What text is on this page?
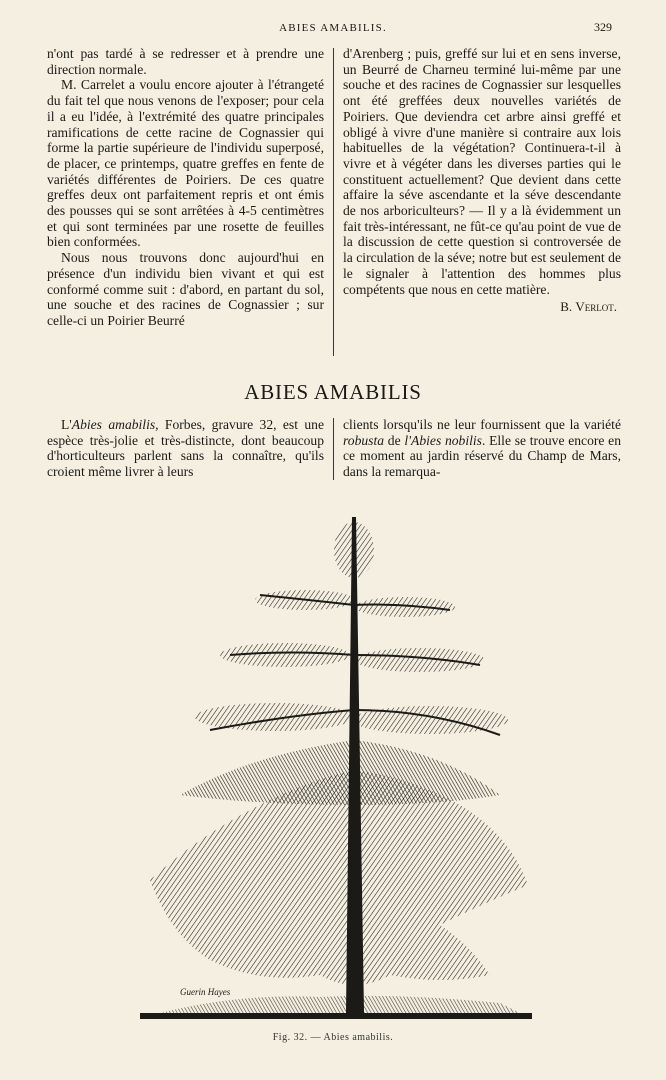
ABIES AMABILIS.	329

n'ont pas tardé à se redresser et à prendre une direction normale.

M. Carrelet a voulu encore ajouter à l'étrangeté du fait tel que nous venons de l'exposer; pour cela il a eu l'idée, à l'extrémité des quatre principales ramifications de cette racine de Cognassier qui forme la partie supérieure de l'individu superposé, de placer, ce printemps, quatre greffes en fente de variétés différentes de Poiriers. De ces quatre greffes deux ont parfaitement repris et ont émis des pousses qui se sont arrêtées à 4-5 centimètres et qui sont terminées par une rosette de feuilles bien conformées.

Nous nous trouvons donc aujourd'hui en présence d'un individu bien vivant et qui est conformé comme suit : d'abord, en partant du sol, une souche et des racines de Cognassier ; sur celle-ci un Poirier Beurré

d'Arenberg ; puis, greffé sur lui et en sens inverse, un Beurré de Charneu terminé lui-même par une souche et des racines de Cognassier sur lesquelles ont été greffées deux nouvelles variétés de Poiriers. Que deviendra cet arbre ainsi greffé et obligé à vivre d'une manière si contraire aux lois habituelles de la végétation? Continuera-t-il à vivre et à végéter dans les diverses parties qui le constituent actuellement? Que devient dans cette affaire la séve ascendante et la séve descendante de nos arboriculteurs? — Il y a là évidemment un fait très-intéressant, ne fût-ce qu'au point de vue de la discussion de cette question si controversée de la circulation de la séve; notre but est seulement de le signaler à l'attention des hommes plus compétents que nous en cette matière.

B. Verlot.
ABIES AMABILIS

L'Abies amabilis, Forbes, gravure 32, est une espèce très-jolie et très-distincte, dont beaucoup d'horticulteurs parlent sans la connaître, qu'ils croient même livrer à leurs

clients lorsqu'ils ne leur fournissent que la variété robusta de l'Abies nobilis. Elle se trouve encore en ce moment au jardin réservé du Champ de Mars, dans la remarqua-

Guerin Hayes
Fig. 32. — Abies amabilis.
